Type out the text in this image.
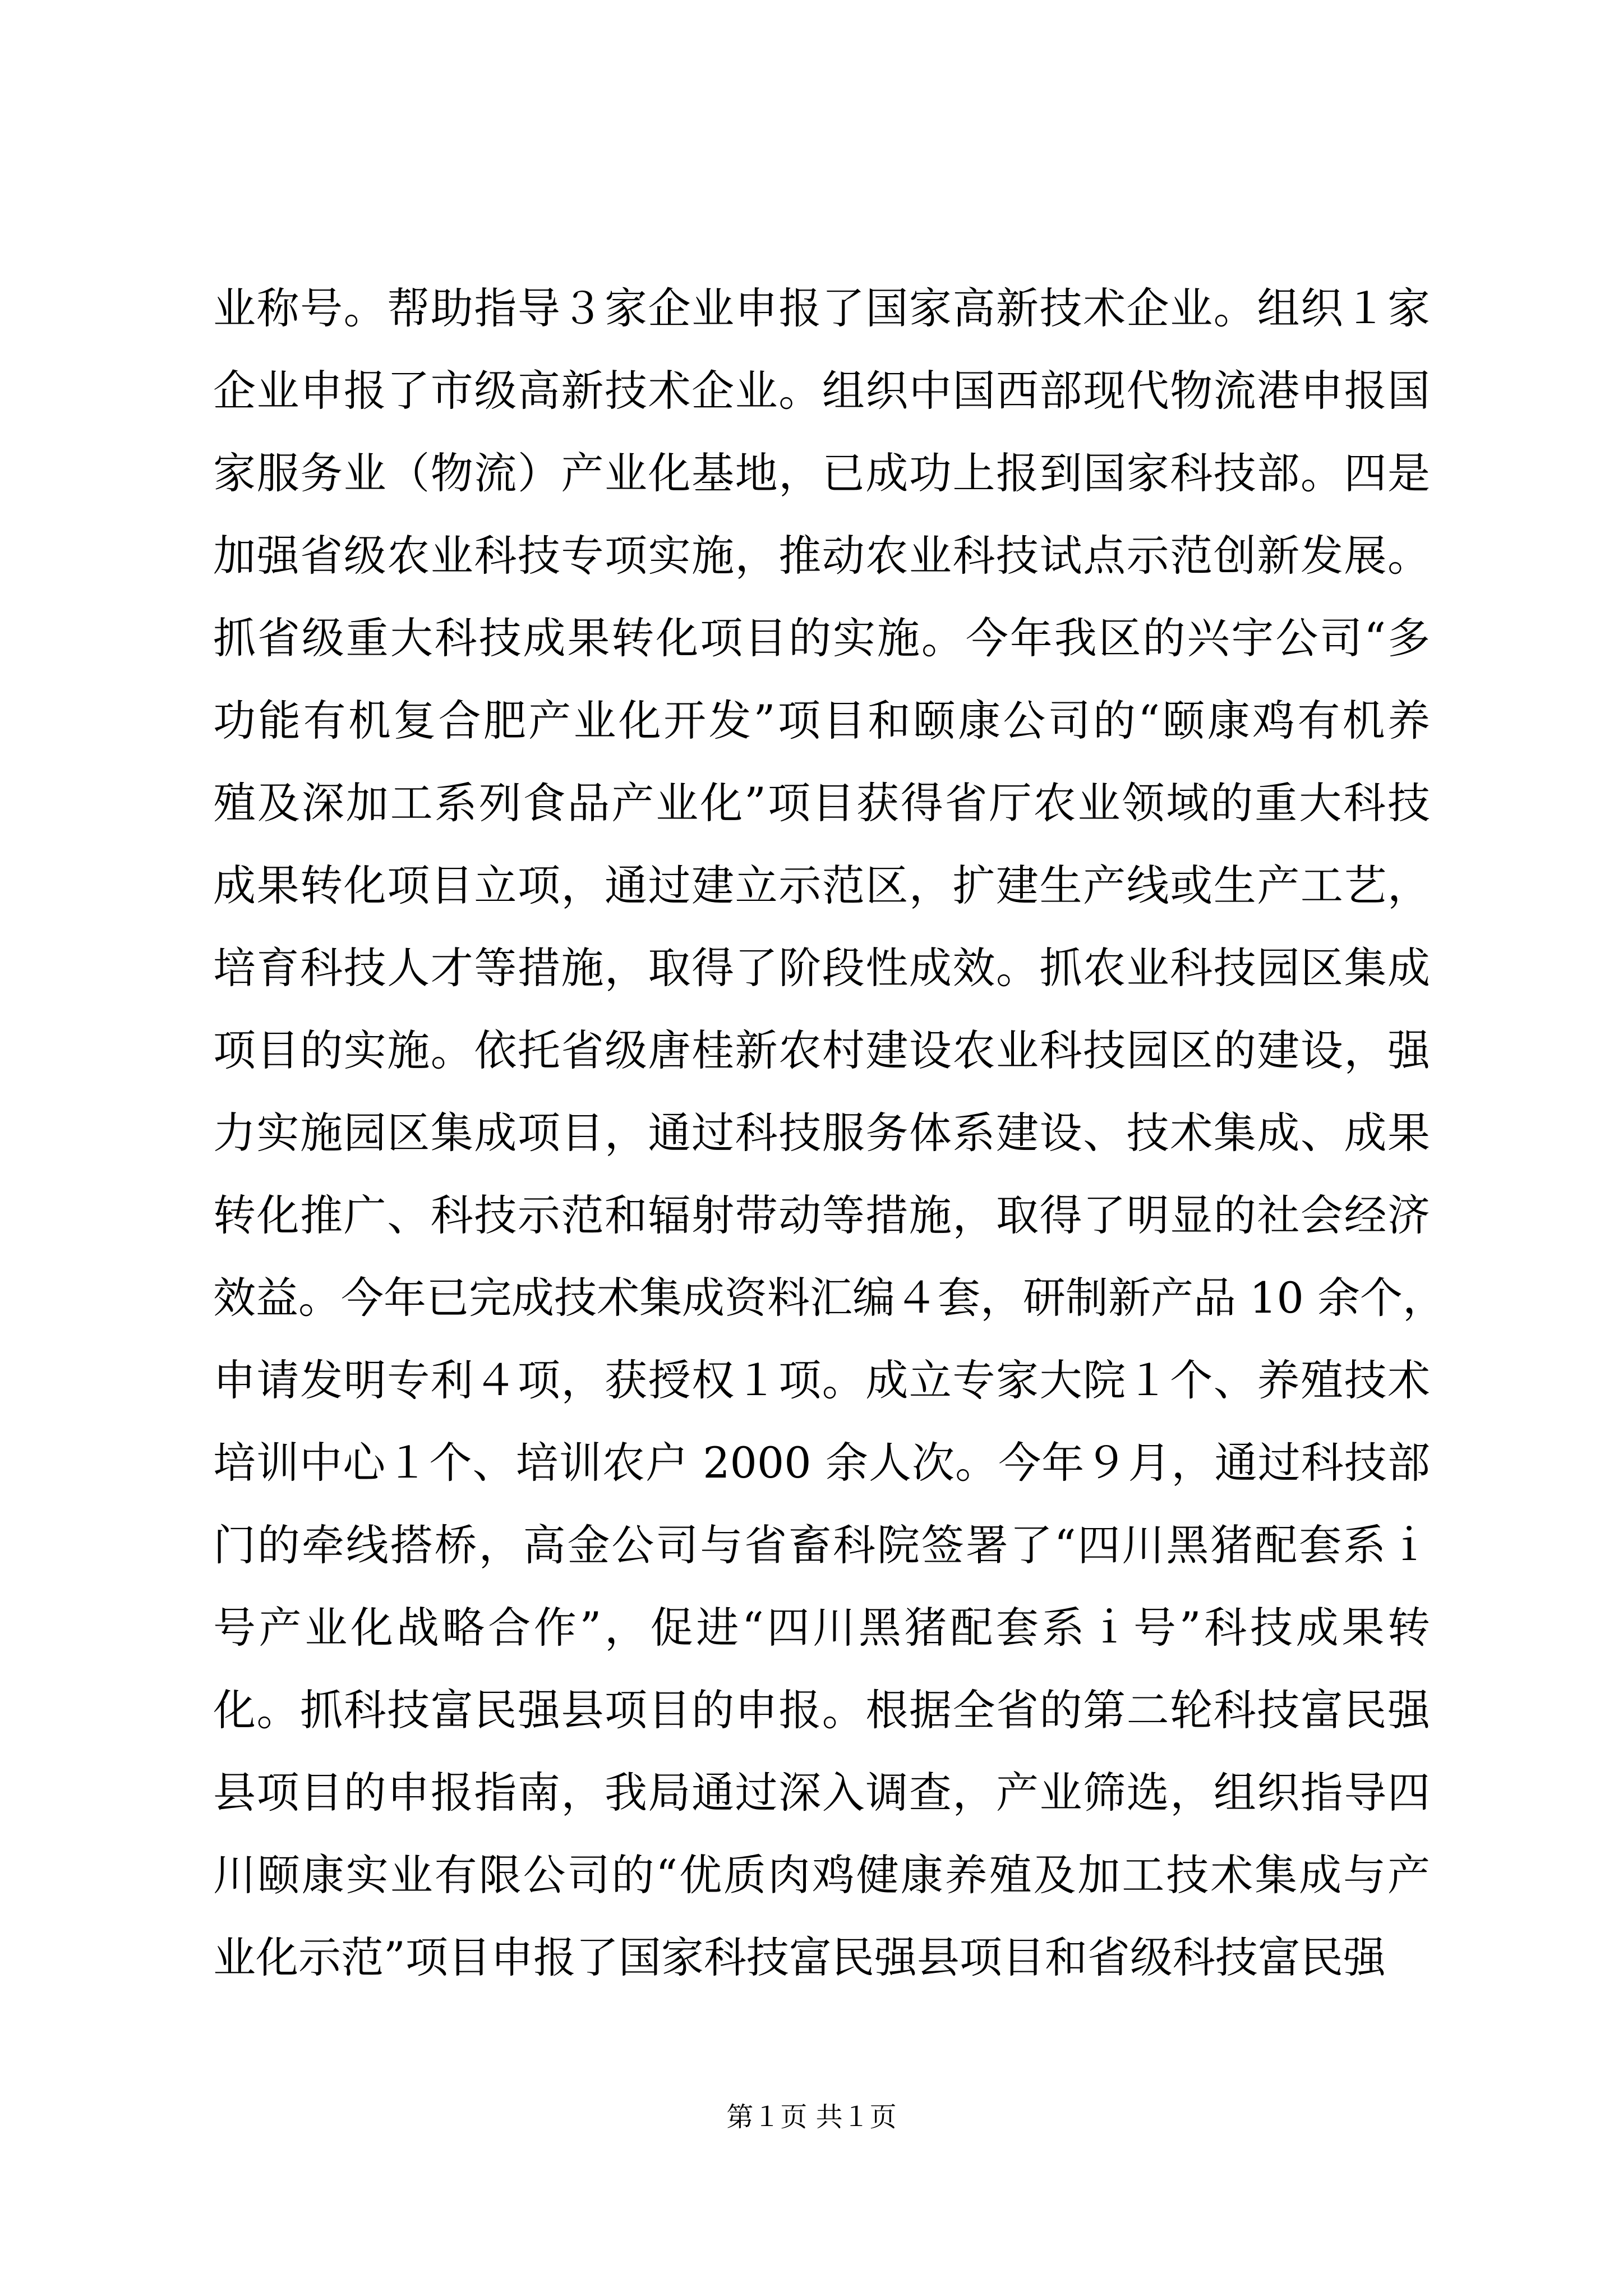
业称号。帮助指导３家企业申报了国家高新技术企业。组织１家
企业申报了市级高新技术企业。组织中国西部现代物流港申报国
家服务业（物流）产业化基地，已成功上报到国家科技部。四是
加强省级农业科技专项实施，推动农业科技试点示范创新发展。
抓省级重大科技成果转化项目的实施。今年我区的兴宇公司“多
功能有机复合肥产业化开发”项目和颐康公司的“颐康鸡有机养
殖及深加工系列食品产业化”项目获得省厅农业领域的重大科技
成果转化项目立项，通过建立示范区，扩建生产线或生产工艺，
培育科技人才等措施，取得了阶段性成效。抓农业科技园区集成
项目的实施。依托省级唐桂新农村建设农业科技园区的建设，强
力实施园区集成项目，通过科技服务体系建设、技术集成、成果
转化推广、科技示范和辐射带动等措施，取得了明显的社会经济
效益。今年已完成技术集成资料汇编４套，研制新产品 10 余个，
申请发明专利４项，获授权１项。成立专家大院１个、养殖技术
培训中心１个、培训农户 2000 余人次。今年９月，通过科技部
门的牵线搭桥，高金公司与省畜科院签署了“四川黑猪配套系ｉ
号产业化战略合作”，促进“四川黑猪配套系ｉ号”科技成果转
化。抓科技富民强县项目的申报。根据全省的第二轮科技富民强
县项目的申报指南，我局通过深入调查，产业筛选，组织指导四
川颐康实业有限公司的“优质肉鸡健康养殖及加工技术集成与产
业化示范”项目申报了国家科技富民强县项目和省级科技富民强
第１页 共１页
